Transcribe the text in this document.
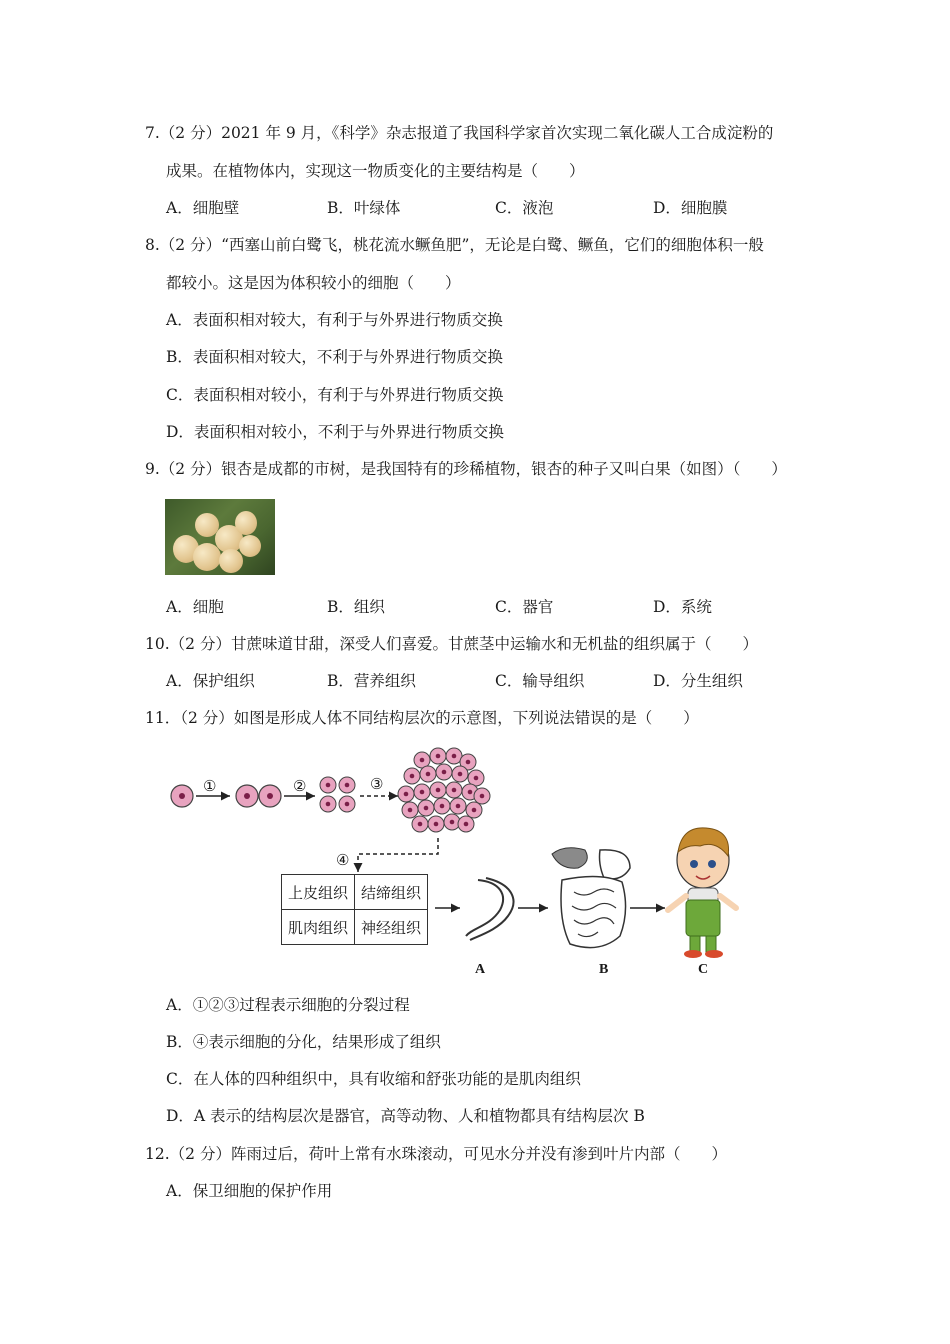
7.（2 分）2021 年 9 月，《科学》杂志报道了我国科学家首次实现二氧化碳人工合成淀粉的
成果。在植物体内，实现这一物质变化的主要结构是（　　）
A．细胞壁	B．叶绿体	C．液泡	D．细胞膜
8.（2 分）“西塞山前白鹭飞，桃花流水鳜鱼肥”，无论是白鹭、鳜鱼，它们的细胞体积一般
都较小。这是因为体积较小的细胞（　　）
A．表面积相对较大，有利于与外界进行物质交换
B．表面积相对较大，不利于与外界进行物质交换
C．表面积相对较小，有利于与外界进行物质交换
D．表面积相对较小，不利于与外界进行物质交换
9.（2 分）银杏是成都的市树，是我国特有的珍稀植物，银杏的种子又叫白果（如图）（　　）
A．细胞	B．组织	C．器官	D．系统
10.（2 分）甘蔗味道甘甜，深受人们喜爱。甘蔗茎中运输水和无机盐的组织属于（　　）
A．保护组织	B．营养组织	C．输导组织	D．分生组织
11．（2 分）如图是形成人体不同结构层次的示意图，下列说法错误的是（　　）
①	②	③
④
上皮组织	结缔组织
肌肉组织	神经组织
A	B	C
A．①②③过程表示细胞的分裂过程
B．④表示细胞的分化，结果形成了组织
C．在人体的四种组织中，具有收缩和舒张功能的是肌肉组织
D．A 表示的结构层次是器官，高等动物、人和植物都具有结构层次 B
12.（2 分）阵雨过后，荷叶上常有水珠滚动，可见水分并没有渗到叶片内部（　　）
A．保卫细胞的保护作用
